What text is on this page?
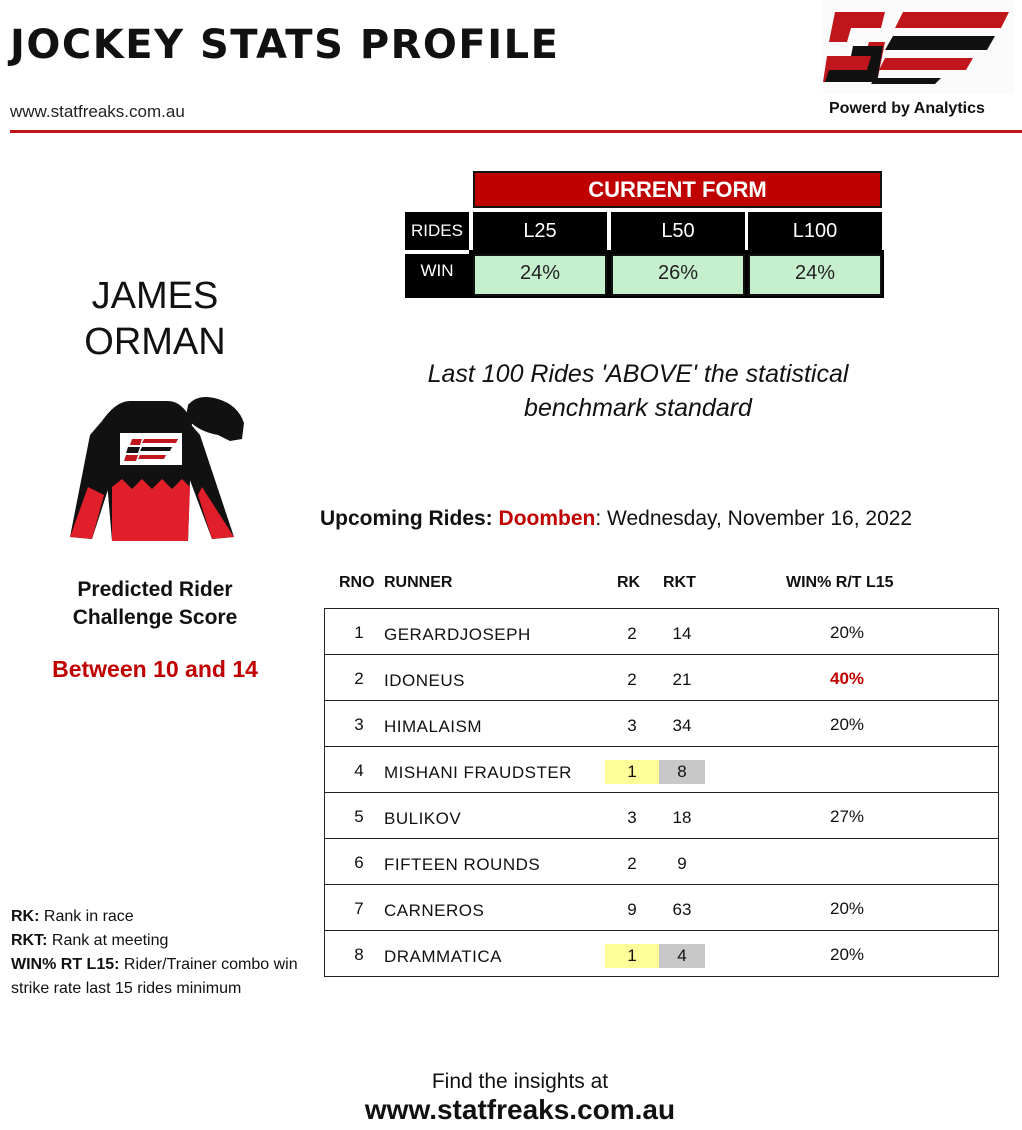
JOCKEY STATS PROFILE
www.statfreaks.com.au	Powerd by Analytics
CURRENT FORM
RIDES	L25	L50	L100
WIN	24%	26%	24%
Last 100 Rides 'ABOVE' the statistical
benchmark standard
JAMES
ORMAN
Predicted Rider
Challenge Score
Between 10 and 14
Upcoming Rides: Doomben: Wednesday, November 16, 2022
RNO RUNNER	RK RKT	WIN% R/T L15
1	GERARDJOSEPH	2	14	20%
2	IDONEUS	2	21	40%
3	HIMALAISM	3	34	20%
4	MISHANI FRAUDSTER	1	8
5	BULIKOV	3	18	27%
6	FIFTEEN ROUNDS	2	9
7	CARNEROS	9	63	20%
8	DRAMMATICA	1	4	20%
RK: Rank in race
RKT: Rank at meeting
WIN% RT L15: Rider/Trainer combo win strike rate last 15 rides minimum
Find the insights at
www.statfreaks.com.au
